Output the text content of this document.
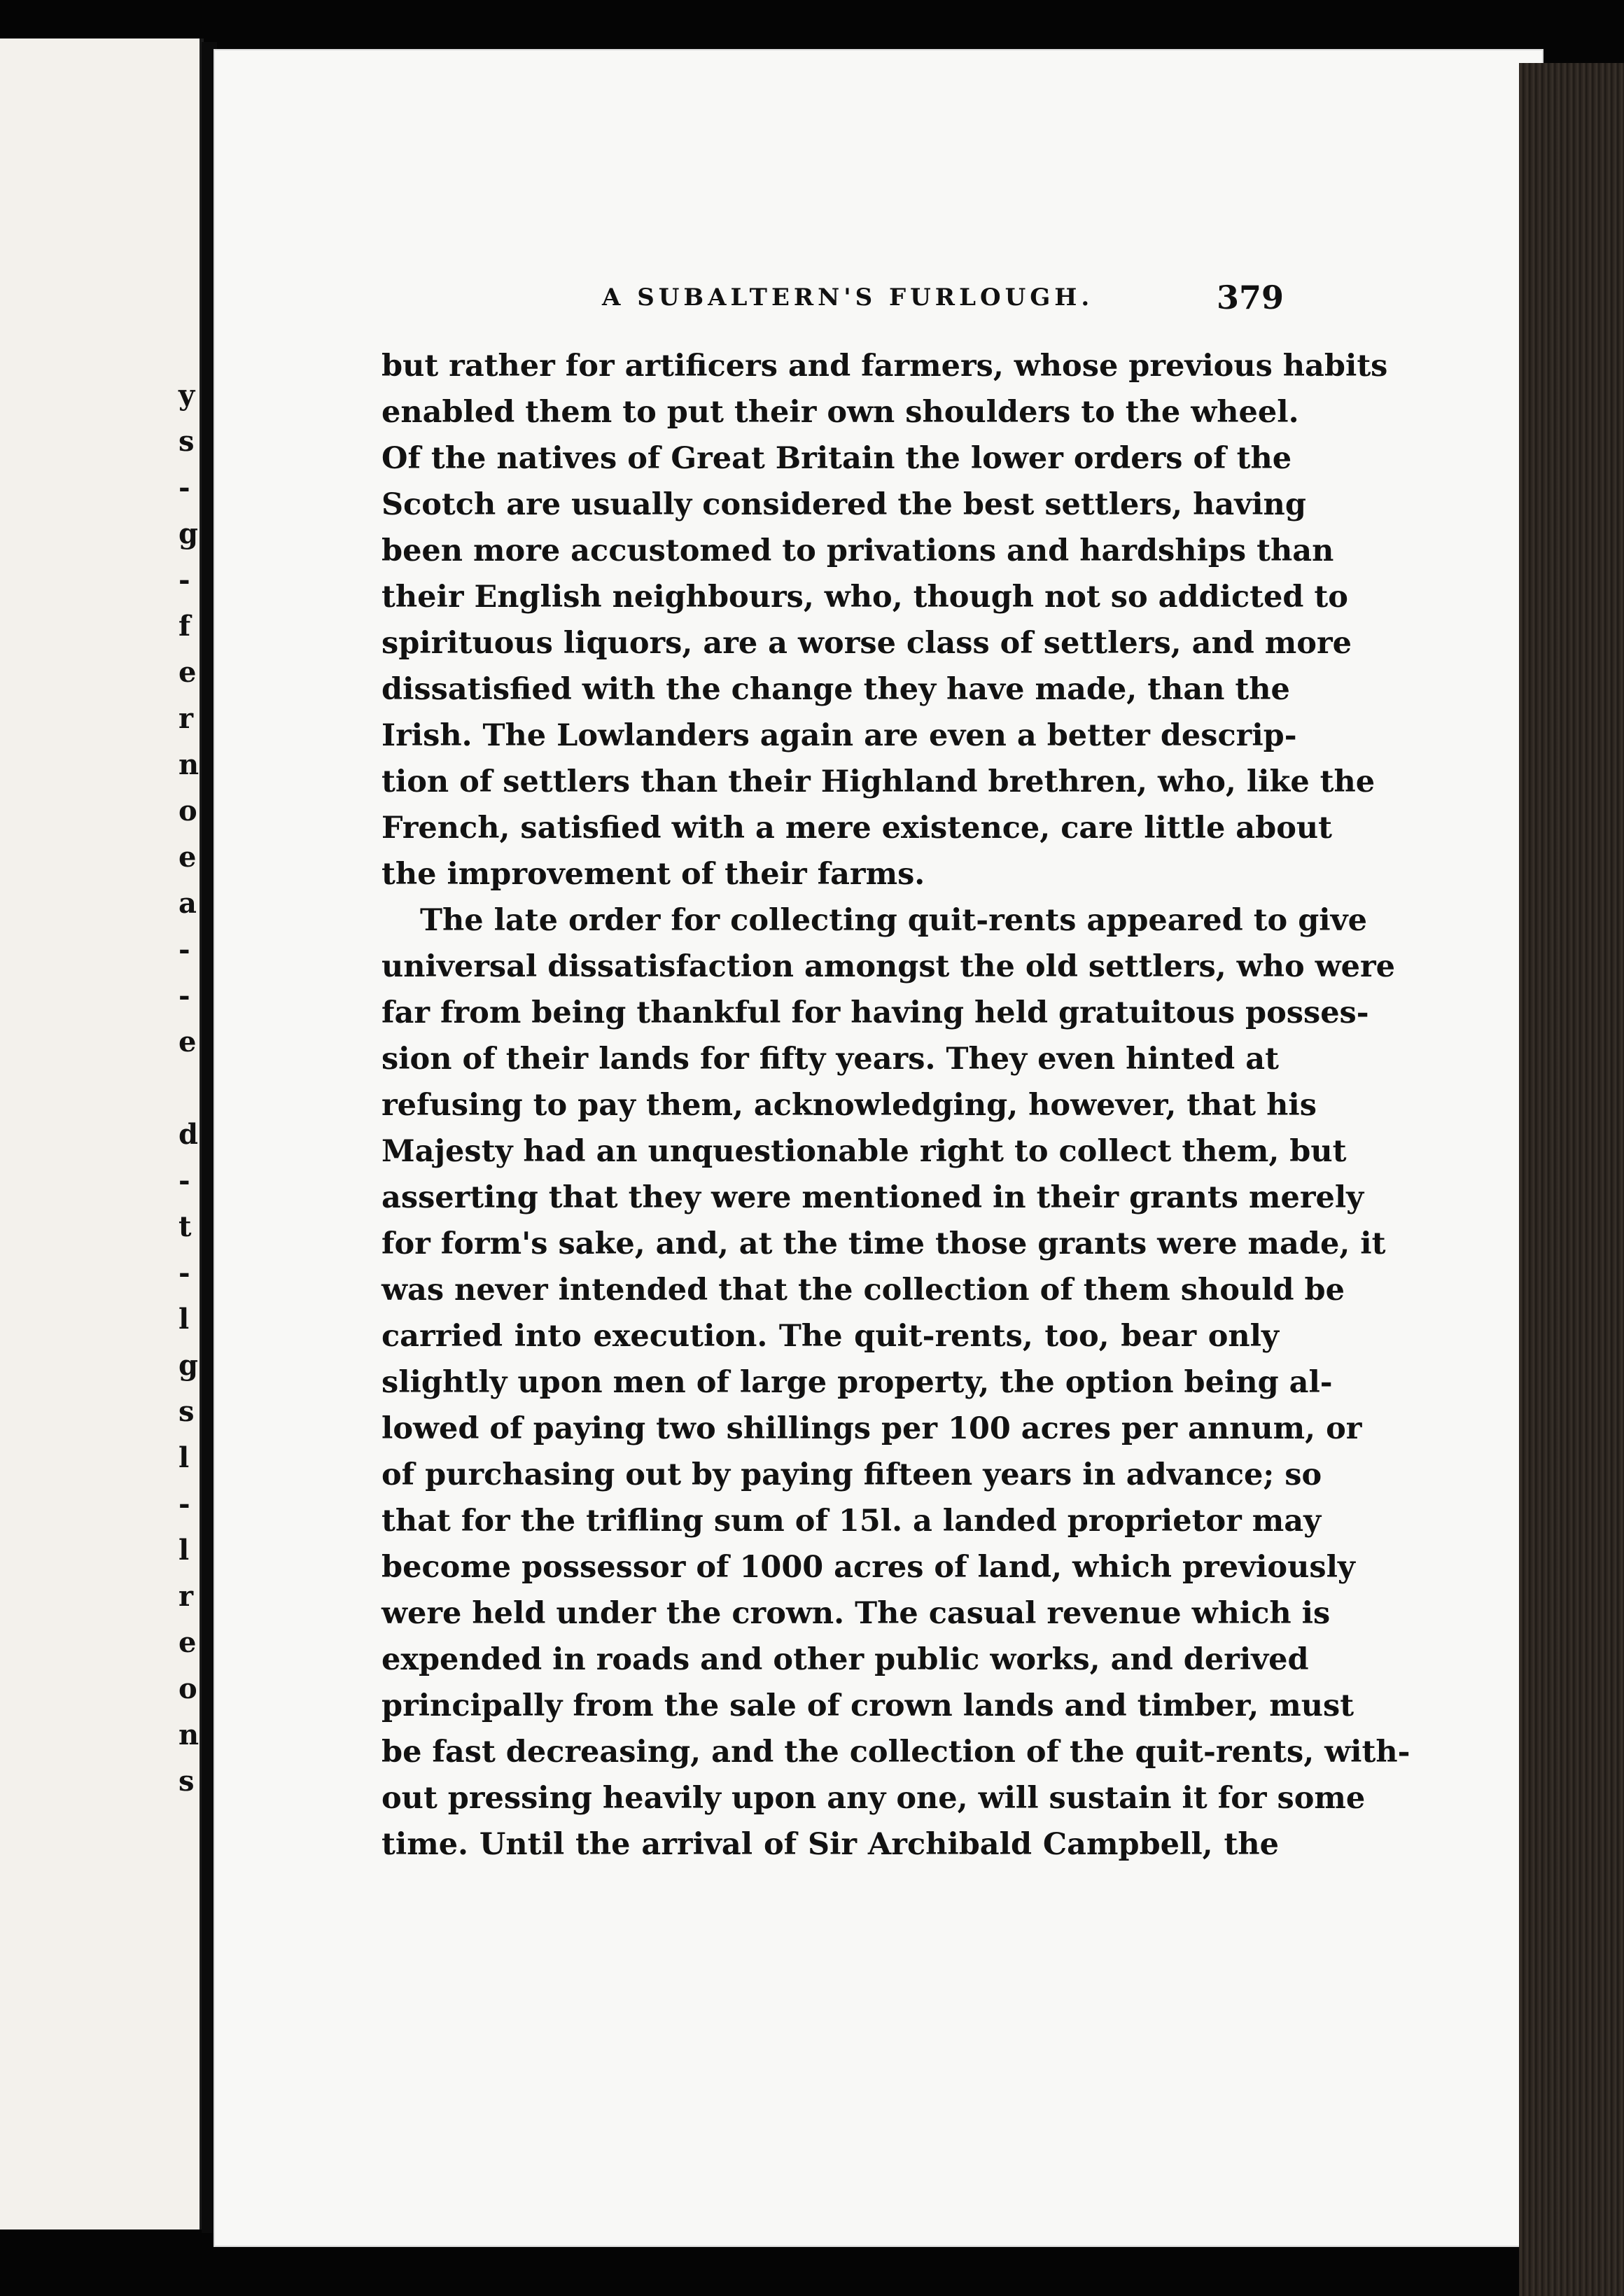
y
s
-
g
-
f
e
r
n
o
e
a
-
-
e
d
-
t
-
l
g
s
l
-
l
r
e
o
n
s
A SUBALTERN'S FURLOUGH.	379
but rather for artificers and farmers, whose previous habits
enabled them to put their own shoulders to the wheel.
Of the natives of Great Britain the lower orders of the
Scotch are usually considered the best settlers, having
been more accustomed to privations and hardships than
their English neighbours, who, though not so addicted to
spirituous liquors, are a worse class of settlers, and more
dissatisfied with the change they have made, than the
Irish. The Lowlanders again are even a better descrip-
tion of settlers than their Highland brethren, who, like the
French, satisfied with a mere existence, care little about
the improvement of their farms.
The late order for collecting quit-rents appeared to give
universal dissatisfaction amongst the old settlers, who were
far from being thankful for having held gratuitous posses-
sion of their lands for fifty years. They even hinted at
refusing to pay them, acknowledging, however, that his
Majesty had an unquestionable right to collect them, but
asserting that they were mentioned in their grants merely
for form's sake, and, at the time those grants were made, it
was never intended that the collection of them should be
carried into execution. The quit-rents, too, bear only
slightly upon men of large property, the option being al-
lowed of paying two shillings per 100 acres per annum, or
of purchasing out by paying fifteen years in advance; so
that for the trifling sum of 15l. a landed proprietor may
become possessor of 1000 acres of land, which previously
were held under the crown. The casual revenue which is
expended in roads and other public works, and derived
principally from the sale of crown lands and timber, must
be fast decreasing, and the collection of the quit-rents, with-
out pressing heavily upon any one, will sustain it for some
time. Until the arrival of Sir Archibald Campbell, the
